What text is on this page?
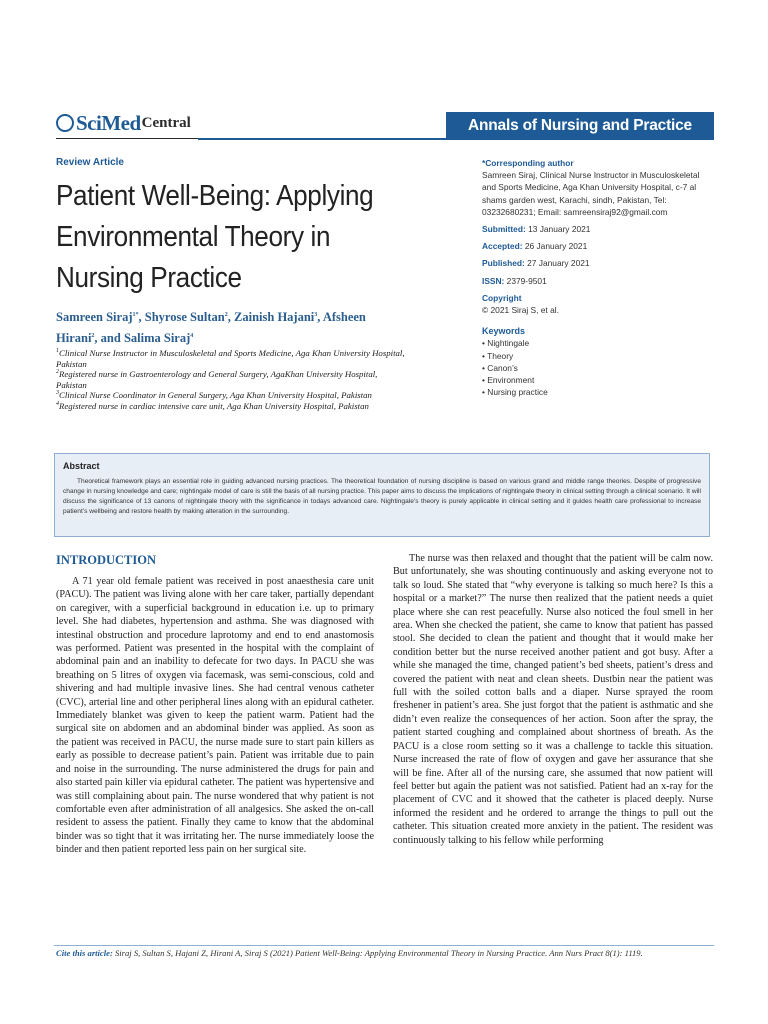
SciMed Central	Annals of Nursing and Practice
Review Article
Patient Well-Being: Applying Environmental Theory in Nursing Practice
Samreen Siraj$^{1*}$, Shyrose Sultan$^2$, Zainish Hajani$^3$, Afsheen Hirani$^2$, and Salima Siraj$^4$
$^1$Clinical Nurse Instructor in Musculoskeletal and Sports Medicine, Aga Khan University Hospital, Pakistan
$^2$Registered nurse in Gastroenterology and General Surgery, AgaKhan University Hospital, Pakistan
$^3$Clinical Nurse Coordinator in General Surgery, Aga Khan University Hospital, Pakistan
$^4$Registered nurse in cardiac intensive care unit, Aga Khan University Hospital, Pakistan
*Corresponding author
Samreen Siraj, Clinical Nurse Instructor in Musculoskeletal and Sports Medicine, Aga Khan University Hospital, c-7 al shams garden west, Karachi, sindh, Pakistan, Tel: 03232680231; Email: samreensiraj92@gmail.com
Submitted: 13 January 2021
Accepted: 26 January 2021
Published: 27 January 2021
ISSN: 2379-9501
Copyright
© 2021 Siraj S, et al.
Keywords
• Nightingale
• Theory
• Canon’s
• Environment
• Nursing practice
Abstract
Theoretical framework plays an essential role in guiding advanced nursing practices. The theoretical foundation of nursing discipline is based on various grand and middle range theories. Despite of progressive change in nursing knowledge and care; nightingale model of care is still the basis of all nursing practice. This paper aims to discuss the implications of nightingale theory in clinical setting through a clinical scenario. It will discuss the significance of 13 canons of nightingale theory with the significance in todays advanced care. Nightingale’s theory is purely applicable in clinical setting and it guides health care professional to increase patient’s wellbeing and restore health by making alteration in the surrounding.
INTRODUCTION
A 71 year old female patient was received in post anaesthesia care unit (PACU). The patient was living alone with her care taker, partially dependant on caregiver, with a superficial background in education i.e. up to primary level. She had diabetes, hypertension and asthma. She was diagnosed with intestinal obstruction and procedure laprotomy and end to end anastomosis was performed. Patient was presented in the hospital with the complaint of abdominal pain and an inability to defecate for two days. In PACU she was breathing on 5 litres of oxygen via facemask, was semi-conscious, cold and shivering and had multiple invasive lines. She had central venous catheter (CVC), arterial line and other peripheral lines along with an epidural catheter. Immediately blanket was given to keep the patient warm. Patient had the surgical site on abdomen and an abdominal binder was applied. As soon as the patient was received in PACU, the nurse made sure to start pain killers as early as possible to decrease patient’s pain. Patient was irritable due to pain and noise in the surrounding. The nurse administered the drugs for pain and also started pain killer via epidural catheter. The patient was hypertensive and was still complaining about pain. The nurse wondered that why patient is not comfortable even after administration of all analgesics. She asked the on-call resident to assess the patient. Finally they came to know that the abdominal binder was so tight that it was irritating her. The nurse immediately loose the binder and then patient reported less pain on her surgical site.
The nurse was then relaxed and thought that the patient will be calm now. But unfortunately, she was shouting continuously and asking everyone not to talk so loud. She stated that “why everyone is talking so much here? Is this a hospital or a market?” The nurse then realized that the patient needs a quiet place where she can rest peacefully. Nurse also noticed the foul smell in her area. When she checked the patient, she came to know that patient has passed stool. She decided to clean the patient and thought that it would make her condition better but the nurse received another patient and got busy. After a while she managed the time, changed patient’s bed sheets, patient’s dress and covered the patient with neat and clean sheets. Dustbin near the patient was full with the soiled cotton balls and a diaper. Nurse sprayed the room freshener in patient’s area. She just forgot that the patient is asthmatic and she didn’t even realize the consequences of her action. Soon after the spray, the patient started coughing and complained about shortness of breath. As the PACU is a close room setting so it was a challenge to tackle this situation. Nurse increased the rate of flow of oxygen and gave her assurance that she will be fine. After all of the nursing care, she assumed that now patient will feel better but again the patient was not satisfied. Patient had an x-ray for the placement of CVC and it showed that the catheter is placed deeply. Nurse informed the resident and he ordered to arrange the things to pull out the catheter. This situation created more anxiety in the patient. The resident was continuously talking to his fellow while performing
Cite this article: Siraj S, Sultan S, Hajani Z, Hirani A, Siraj S (2021) Patient Well-Being: Applying Environmental Theory in Nursing Practice. Ann Nurs Pract 8(1): 1119.
